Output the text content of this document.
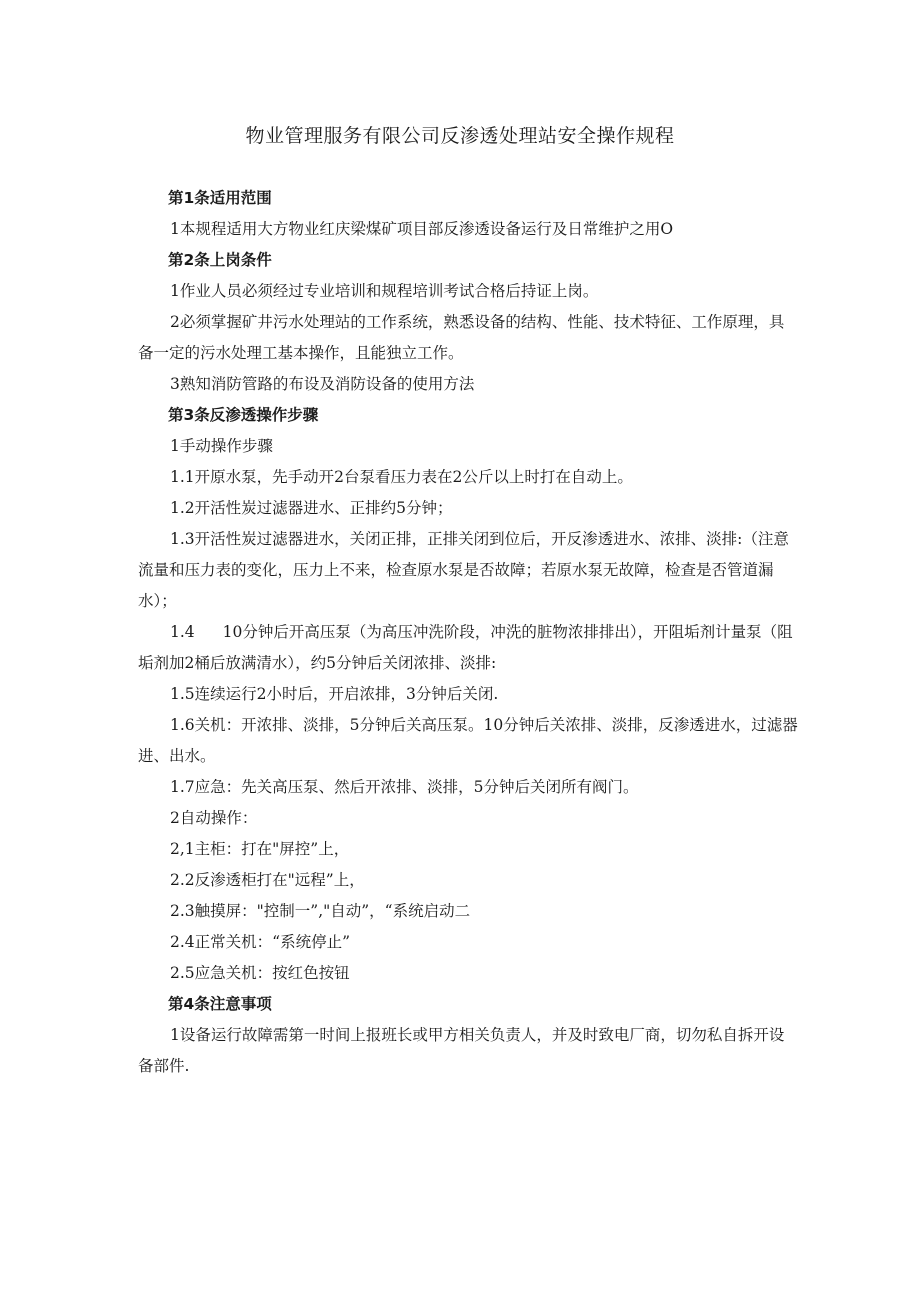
物业管理服务有限公司反渗透处理站安全操作规程
第1条适用范围
1本规程适用大方物业红庆梁煤矿项目部反渗透设备运行及日常维护之用O
第2条上岗条件
1作业人员必须经过专业培训和规程培训考试合格后持证上岗。
2必须掌握矿井污水处理站的工作系统，熟悉设备的结构、性能、技术特征、工作原理，具备一定的污水处理工基本操作，且能独立工作。
3熟知消防管路的布设及消防设备的使用方法
第3条反渗透操作步骤
1手动操作步骤
1.1开原水泵，先手动开2台泵看压力表在2公斤以上时打在自动上。
1.2开活性炭过滤器进水、正排约5分钟；
1.3开活性炭过滤器进水，关闭正排，正排关闭到位后，开反渗透进水、浓排、淡排:（注意流量和压力表的变化，压力上不来，检查原水泵是否故障；若原水泵无故障，检查是否管道漏水）；
1.4 10分钟后开高压泵（为高压冲洗阶段，冲洗的脏物浓排排出），开阻垢剂计量泵（阻垢剂加2桶后放满清水），约5分钟后关闭浓排、淡排:
1.5连续运行2小时后，开启浓排，3分钟后关闭.
1.6关机：开浓排、淡排，5分钟后关高压泵。10分钟后关浓排、淡排，反渗透进水，过滤器进、出水。
1.7应急：先关高压泵、然后开浓排、淡排，5分钟后关闭所有阀门。
2自动操作：
2,1主柜：打在"屏控”上，
2.2反渗透柜打在"远程”上，
2.3触摸屏："控制一”,"自动”，“系统启动二
2.4正常关机：“系统停止”
2.5应急关机：按红色按钮
第4条注意事项
1设备运行故障需第一时间上报班长或甲方相关负责人，并及时致电厂商，切勿私自拆开设备部件.
